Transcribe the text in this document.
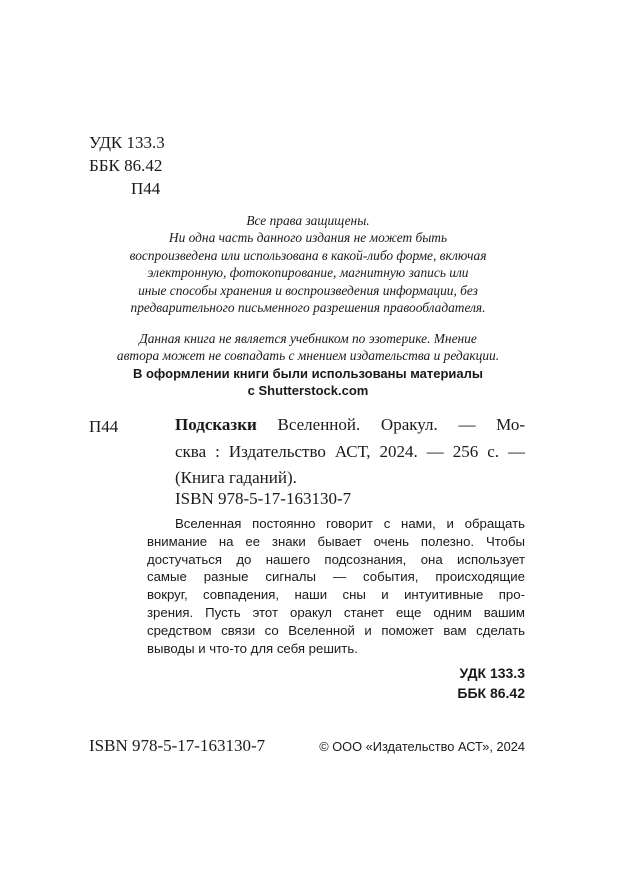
УДК 133.3
ББК 86.42
П44
Все права защищены.
Ни одна часть данного издания не может быть
воспроизведена или использована в какой-либо форме, включая
электронную, фотокопирование, магнитную запись или
иные способы хранения и воспроизведения информации, без
предварительного письменного разрешения правообладателя.
Данная книга не являeтся учебником по эзотерике. Мнение
автора может не совпадать с мнением издательства и редакции.
В оформлении книги были использованы материалы
с Shutterstock.com
П44	Подсказки Вселенной. Оракул. — Мо-
сква : Издательство АСТ, 2024. — 256 с. —
(Книга гаданий).
ISBN 978-5-17-163130-7
Вселенная постоянно говорит с нами, и обращать
внимание на ее знаки бывает очень полезно. Чтобы
достучаться до нашего подсознания, она использует
самые разные сигналы — события, происходящие
вокруг, совпадения, наши сны и интуитивные про-
зрения. Пусть этот оракул станет еще одним вашим
средством связи со Вселенной и поможет вам сделать
выводы и что-то для себя решить.
УДК 133.3
ББК 86.42
ISBN 978-5-17-163130-7	© ООО «Издательство АСТ», 2024
